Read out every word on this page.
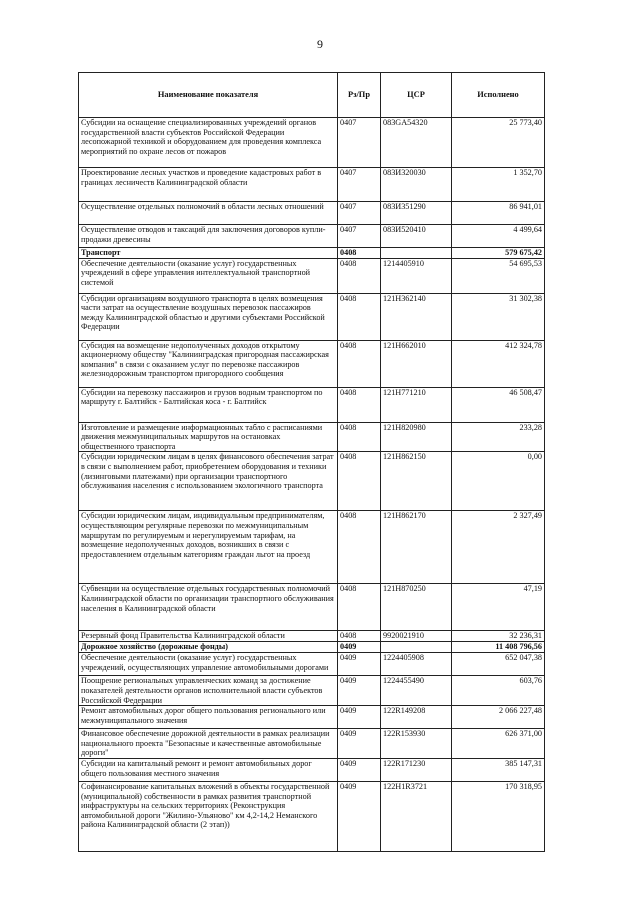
9
Наименование показателя	Рз/Пр	ЦСР	Исполнено
Субсидии на оснащение специализированных учреждений органов государственной власти субъектов Российской Федерации лесопожарной техникой и оборудованием для проведения комплекса мероприятий по охране лесов от пожаров	0407	083GA54320	25 773,40
Проектирование лесных участков и проведение кадастровых работ в границах лесничеств Калининградской области	0407	083И320030	1 352,70
Осуществление отдельных полномочий в области лесных отношений	0407	083И351290	86 941,01
Осуществление отводов и таксаций для заключения договоров купли-продажи древесины	0407	083И520410	4 499,64
Транспорт	0408		579 675,42
Обеспечение деятельности (оказание услуг) государственных учреждений в сфере управления интеллектуальной транспортной системой	0408	1214405910	54 695,53
Субсидии организациям воздушного транспорта в целях возмещения части затрат на осуществление воздушных перевозок пассажиров между Калининградской областью и другими субъектами Российской Федерации	0408	121Н362140	31 302,38
Субсидия на возмещение недополученных доходов открытому акционерному обществу "Калининградская пригородная пассажирская компания" в связи с оказанием услуг по перевозке пассажиров железнодорожным транспортом пригородного сообщения	0408	121Н662010	412 324,78
Субсидии на перевозку пассажиров и грузов водным транспортом по маршруту г. Балтийск - Балтийская коса - г. Балтийск	0408	121Н771210	46 508,47
Изготовление и размещение информационных табло с расписаниями движения межмуниципальных маршрутов на остановках общественного транспорта	0408	121Н820980	233,28
Субсидии юридическим лицам в целях финансового обеспечения затрат в связи с выполнением работ, приобретением оборудования и техники (лизинговыми платежами) при организации транспортного обслуживания населения с использованием экологичного транспорта	0408	121Н862150	0,00
Субсидии юридическим лицам, индивидуальным предпринимателям, осуществляющим регулярные перевозки по межмуниципальным маршрутам по регулируемым и нерегулируемым тарифам, на возмещение недополученных доходов, возникших в связи с предоставлением отдельным категориям граждан льгот на проезд	0408	121Н862170	2 327,49
Субвенции на осуществление отдельных государственных полномочий Калининградской области по организации транспортного обслуживания населения в Калининградской области	0408	121Н870250	47,19
Резервный фонд Правительства Калининградской области	0408	9920021910	32 236,31
Дорожное хозяйство (дорожные фонды)	0409		11 408 796,56
Обеспечение деятельности (оказание услуг) государственных учреждений, осуществляющих управление автомобильными дорогами	0409	1224405908	652 047,38
Поощрение региональных управленческих команд за достижение показателей деятельности органов исполнительной власти субъектов Российской Федерации	0409	1224455490	603,76
Ремонт автомобильных дорог общего пользования регионального или межмуниципального значения	0409	122R149208	2 066 227,48
Финансовое обеспечение дорожной деятельности в рамках реализации национального проекта "Безопасные и качественные автомобильные дороги"	0409	122R153930	626 371,00
Субсидии на капитальный ремонт и ремонт автомобильных дорог общего пользования местного значения	0409	122R171230	385 147,31
Софинансирование капитальных вложений в объекты государственной (муниципальной) собственности в рамках развития транспортной инфраструктуры на сельских территориях (Реконструкция автомобильной дороги "Жилино-Ульяново" км 4,2-14,2 Неманского района Калининградской области (2 этап))	0409	122Н1R3721	170 318,95
